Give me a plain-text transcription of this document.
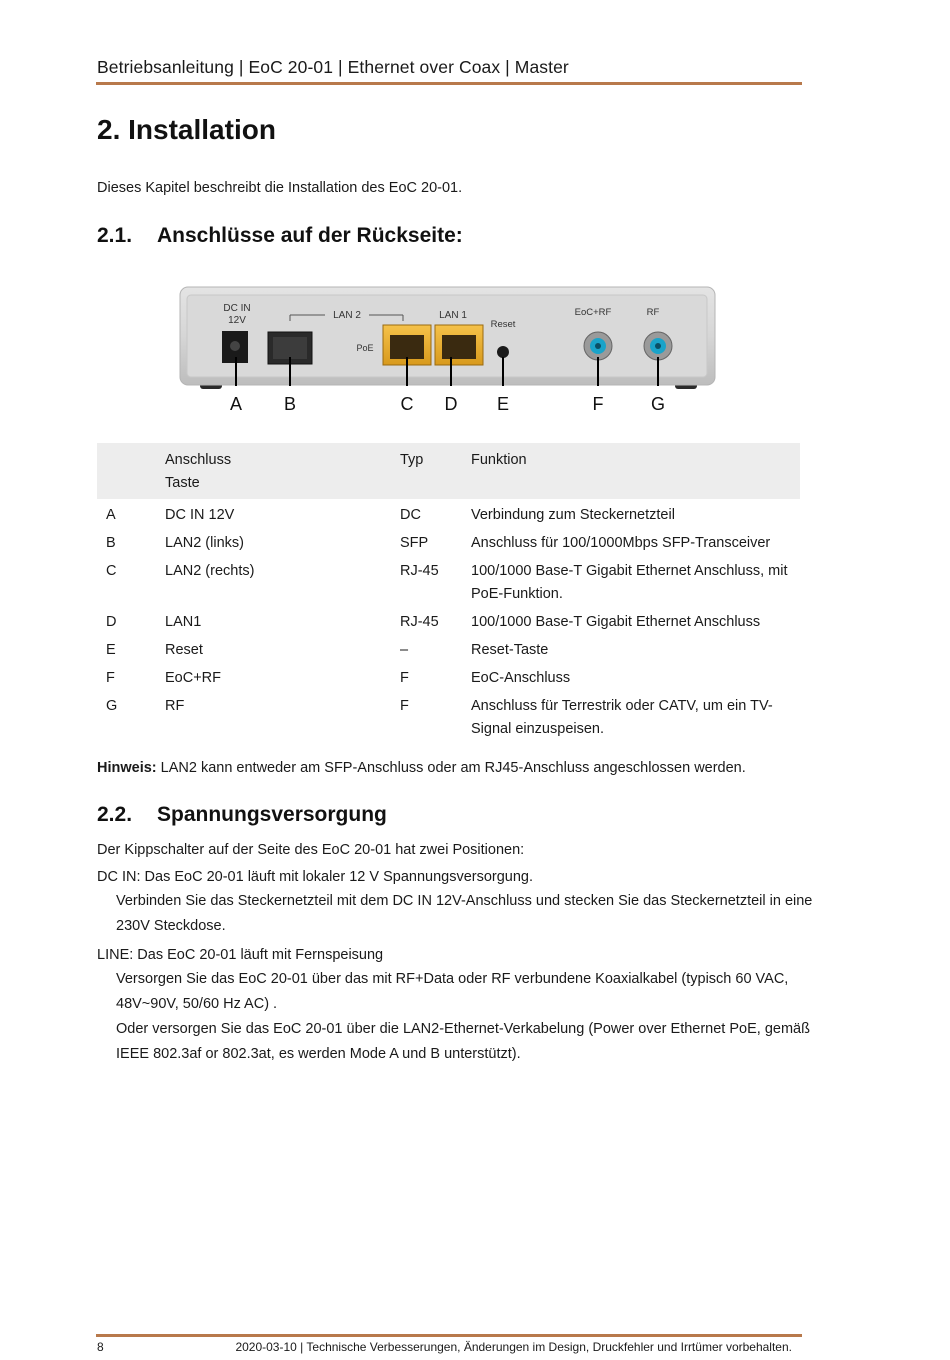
Betriebsanleitung | EoC 20-01 | Ethernet over Coax | Master
2. Installation
Dieses Kapitel beschreibt die Installation des EoC 20-01.
2.1. Anschlüsse auf der Rückseite:
DC IN
12V	LAN 2	LAN 1
PoE
Reset
EoC+RF	RF
A B	C D E	F	G
Anschluss
Taste
Typ	Funktion
A	DC IN 12V	DC	Verbindung zum Steckernetzteil
B	LAN2 (links)	SFP	Anschluss für 100/1000Mbps SFP-Transceiver
C	LAN2 (rechts)	RJ-45	100/1000 Base-T Gigabit Ethernet Anschluss, mit
PoE-Funktion.
D	LAN1	RJ-45	100/1000 Base-T Gigabit Ethernet Anschluss
E	Reset	–	Reset-Taste
F	EoC+RF	F	EoC-Anschluss
G	RF	F	Anschluss für Terrestrik oder CATV, um ein TV-
Signal einzuspeisen.
Hinweis: LAN2 kann entweder am SFP-Anschluss oder am RJ45-Anschluss angeschlossen werden.
2.2. Spannungsversorgung
Der Kippschalter auf der Seite des EoC 20-01 hat zwei Positionen:
DC IN: Das EoC 20-01 läuft mit lokaler 12 V Spannungsversorgung.
Verbinden Sie das Steckernetzteil mit dem DC IN 12V-Anschluss und stecken Sie das Steckernetzteil in eine
230V Steckdose.
LINE: Das EoC 20-01 läuft mit Fernspeisung
Versorgen Sie das EoC 20-01 über das mit RF+Data oder RF verbundene Koaxialkabel (typisch 60 VAC,
48V~90V, 50/60 Hz AC) .
Oder versorgen Sie das EoC 20-01 über die LAN2-Ethernet-Verkabelung (Power over Ethernet PoE, gemäß
IEEE 802.3af or 802.3at, es werden Mode A und B unterstützt).
8	2020-03-10 | Technische Verbesserungen, Änderungen im Design, Druckfehler und Irrtümer vorbehalten.
